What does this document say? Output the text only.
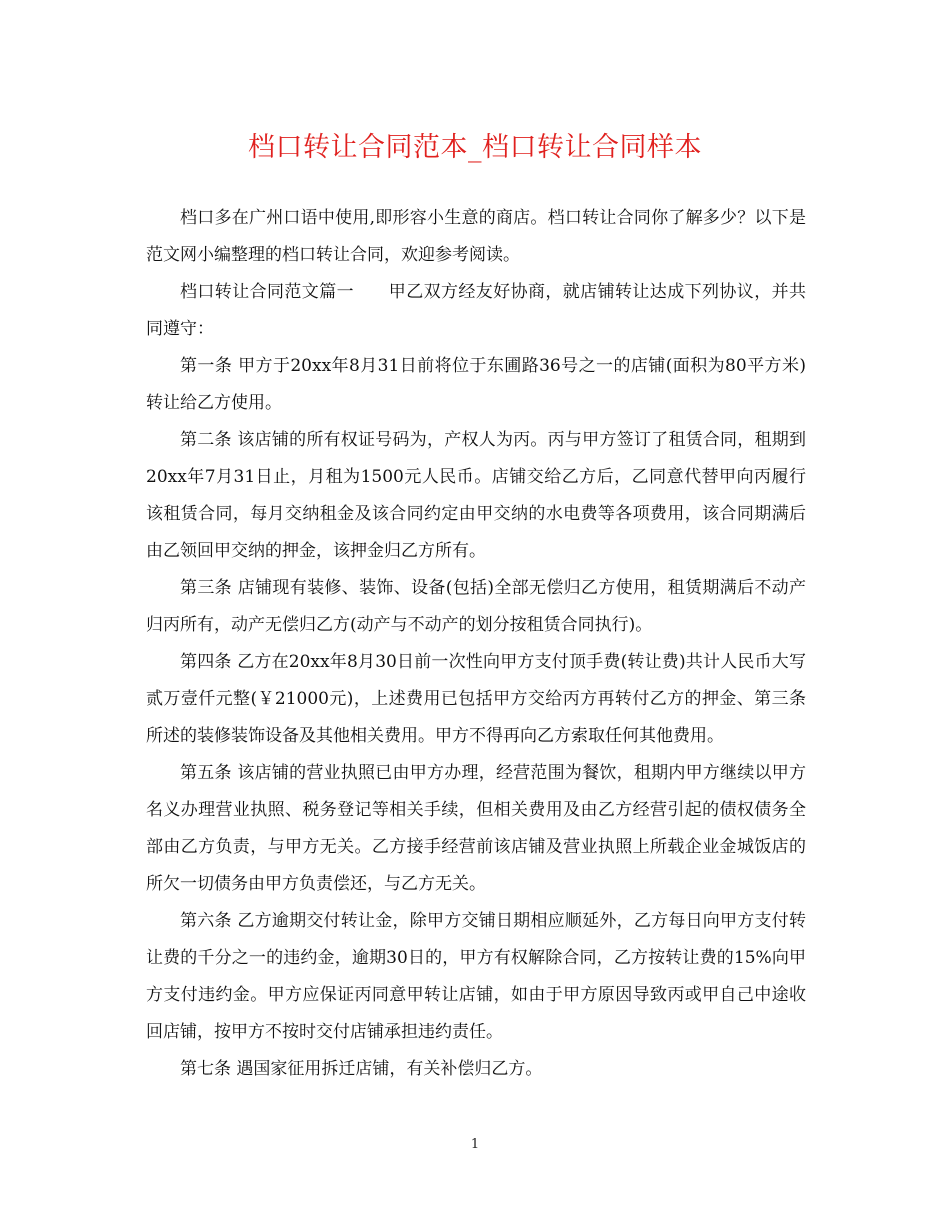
档口转让合同范本_档口转让合同样本

档口多在广州口语中使用,即形容小生意的商店。档口转让合同你了解多少？以下是范文网小编整理的档口转让合同，欢迎参考阅读。

档口转让合同范文篇一　　甲乙双方经友好协商，就店铺转让达成下列协议，并共同遵守：

第一条 甲方于20xx年8月31日前将位于东圃路36号之一的店铺(面积为80平方米)转让给乙方使用。

第二条 该店铺的所有权证号码为，产权人为丙。丙与甲方签订了租赁合同，租期到20xx年7月31日止，月租为1500元人民币。店铺交给乙方后，乙同意代替甲向丙履行该租赁合同，每月交纳租金及该合同约定由甲交纳的水电费等各项费用，该合同期满后由乙领回甲交纳的押金，该押金归乙方所有。

第三条 店铺现有装修、装饰、设备(包括)全部无偿归乙方使用，租赁期满后不动产归丙所有，动产无偿归乙方(动产与不动产的划分按租赁合同执行)。

第四条 乙方在20xx年8月30日前一次性向甲方支付顶手费(转让费)共计人民币大写贰万壹仟元整(￥21000元)，上述费用已包括甲方交给丙方再转付乙方的押金、第三条所述的装修装饰设备及其他相关费用。甲方不得再向乙方索取任何其他费用。

第五条 该店铺的营业执照已由甲方办理，经营范围为餐饮，租期内甲方继续以甲方名义办理营业执照、税务登记等相关手续，但相关费用及由乙方经营引起的债权债务全部由乙方负责，与甲方无关。乙方接手经营前该店铺及营业执照上所载企业金城饭店的所欠一切债务由甲方负责偿还，与乙方无关。

第六条 乙方逾期交付转让金，除甲方交铺日期相应顺延外，乙方每日向甲方支付转让费的千分之一的违约金，逾期30日的，甲方有权解除合同，乙方按转让费的15%向甲方支付违约金。甲方应保证丙同意甲转让店铺，如由于甲方原因导致丙或甲自己中途收回店铺，按甲方不按时交付店铺承担违约责任。

第七条 遇国家征用拆迁店铺，有关补偿归乙方。

1
